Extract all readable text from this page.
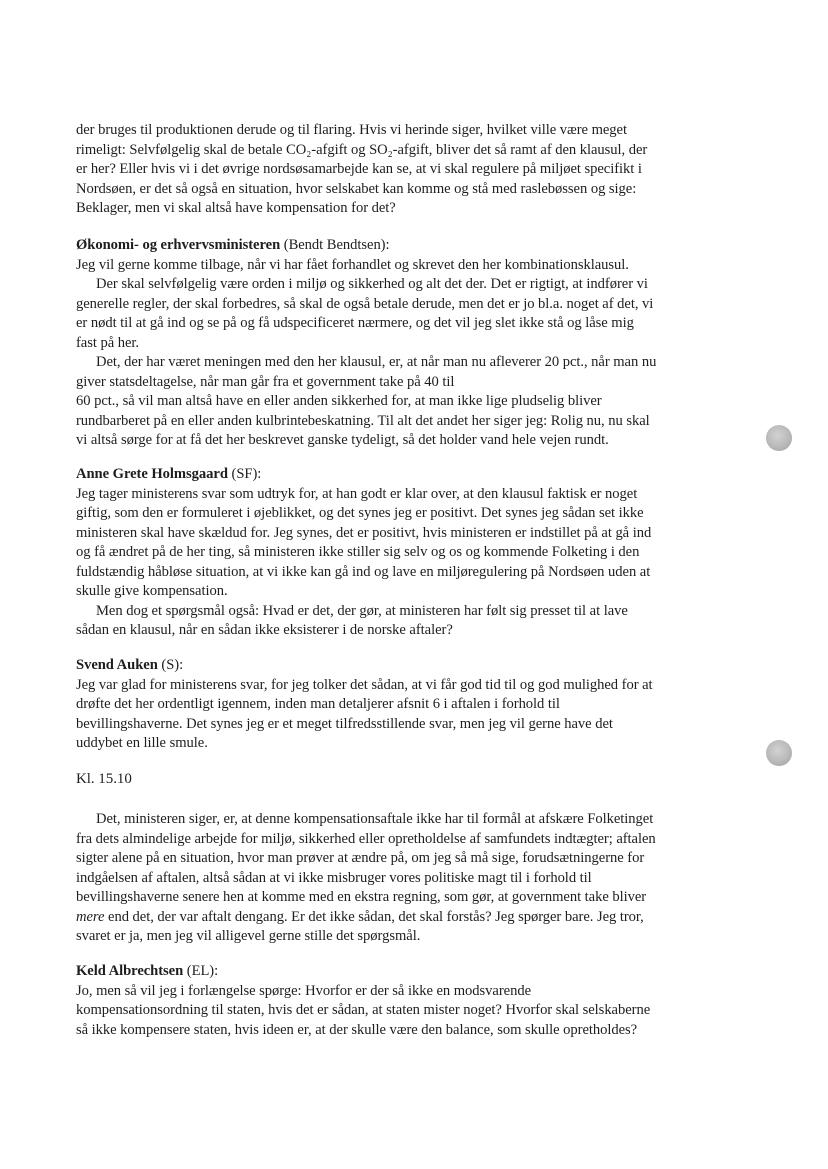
der bruges til produktionen derude og til flaring. Hvis vi herinde siger, hvilket ville være meget
rimeligt: Selvfølgelig skal de betale CO₂-afgift og SO₂-afgift, bliver det så ramt af den klausul, der
er her? Eller hvis vi i det øvrige nordsøsamarbejde kan se, at vi skal regulere på miljøet specifikt i
Nordsøen, er det så også en situation, hvor selskabet kan komme og stå med raslebøssen og sige:
Beklager, men vi skal altså have kompensation for det?
Økonomi- og erhvervsministeren (Bendt Bendtsen):
Jeg vil gerne komme tilbage, når vi har fået forhandlet og skrevet den her kombinationsklausul.
Der skal selvfølgelig være orden i miljø og sikkerhed og alt det der. Det er rigtigt, at indfører vi
generelle regler, der skal forbedres, så skal de også betale derude, men det er jo bl.a. noget af det, vi
er nødt til at gå ind og se på og få udspecificeret nærmere, og det vil jeg slet ikke stå og låse mig
fast på her.
Det, der har været meningen med den her klausul, er, at når man nu afleverer 20 pct., når man nu
giver statsdeltagelse, når man går fra et government take på 40 til
60 pct., så vil man altså have en eller anden sikkerhed for, at man ikke lige pludselig bliver
rundbarberet på en eller anden kulbrintebeskatning. Til alt det andet her siger jeg: Rolig nu, nu skal
vi altså sørge for at få det her beskrevet ganske tydeligt, så det holder vand hele vejen rundt.
Anne Grete Holmsgaard (SF):
Jeg tager ministerens svar som udtryk for, at han godt er klar over, at den klausul faktisk er noget
giftig, som den er formuleret i øjeblikket, og det synes jeg er positivt. Det synes jeg sådan set ikke
ministeren skal have skældud for. Jeg synes, det er positivt, hvis ministeren er indstillet på at gå ind
og få ændret på de her ting, så ministeren ikke stiller sig selv og os og kommende Folketing i den
fuldstændig håbløse situation, at vi ikke kan gå ind og lave en miljøregulering på Nordsøen uden at
skulle give kompensation.
Men dog et spørgsmål også: Hvad er det, der gør, at ministeren har følt sig presset til at lave
sådan en klausul, når en sådan ikke eksisterer i de norske aftaler?
Svend Auken (S):
Jeg var glad for ministerens svar, for jeg tolker det sådan, at vi får god tid til og god mulighed for at
drøfte det her ordentligt igennem, inden man detaljerer afsnit 6 i aftalen i forhold til
bevillingshaverne. Det synes jeg er et meget tilfredsstillende svar, men jeg vil gerne have det
uddybet en lille smule.
Kl. 15.10
Det, ministeren siger, er, at denne kompensationsaftale ikke har til formål at afskære Folketinget
fra dets almindelige arbejde for miljø, sikkerhed eller opretholdelse af samfundets indtægter; aftalen
sigter alene på en situation, hvor man prøver at ændre på, om jeg så må sige, forudsætningerne for
indgåelsen af aftalen, altså sådan at vi ikke misbruger vores politiske magt til i forhold til
bevillingshaverne senere hen at komme med en ekstra regning, som gør, at government take bliver
mere end det, der var aftalt dengang. Er det ikke sådan, det skal forstås? Jeg spørger bare. Jeg tror,
svaret er ja, men jeg vil alligevel gerne stille det spørgsmål.
Keld Albrechtsen (EL):
Jo, men så vil jeg i forlængelse spørge: Hvorfor er der så ikke en modsvarende
kompensationsordning til staten, hvis det er sådan, at staten mister noget? Hvorfor skal selskaberne
så ikke kompensere staten, hvis ideen er, at der skulle være den balance, som skulle opretholdes?
